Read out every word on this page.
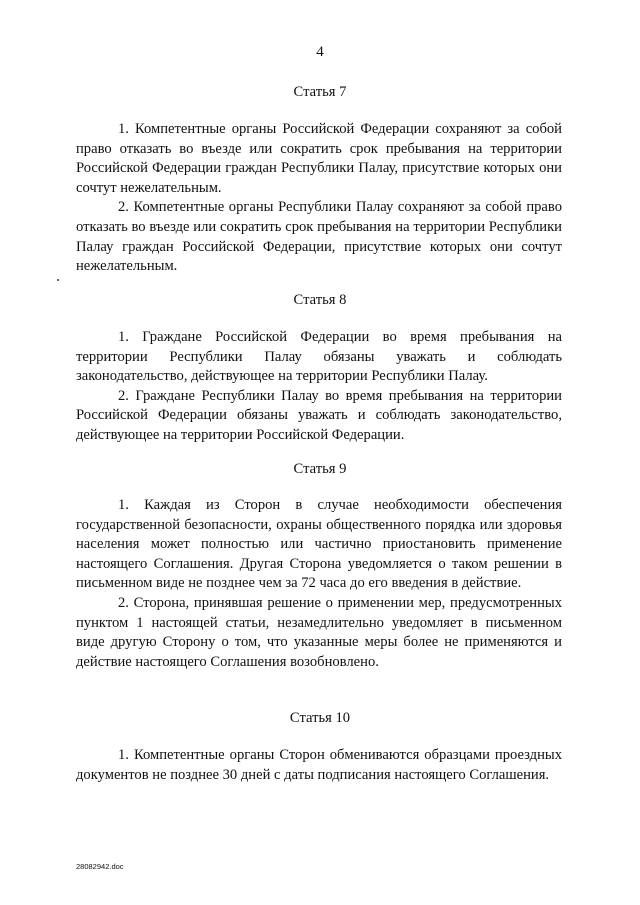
4
Статья 7

1. Компетентные органы Российской Федерации сохраняют за собой право отказать во въезде или сократить срок пребывания на территории Российской Федерации граждан Республики Палау, присутствие которых они сочтут нежелательным.

2. Компетентные органы Республики Палау сохраняют за собой право отказать во въезде или сократить срок пребывания на территории Республики Палау граждан Российской Федерации, присутствие которых они сочтут нежелательным.

Статья 8

1. Граждане Российской Федерации во время пребывания на территории Республики Палау обязаны уважать и соблюдать законодательство, действующее на территории Республики Палау.

2. Граждане Республики Палау во время пребывания на территории Российской Федерации обязаны уважать и соблюдать законодательство, действующее на территории Российской Федерации.

Статья 9

1. Каждая из Сторон в случае необходимости обеспечения государственной безопасности, охраны общественного порядка или здоровья населения может полностью или частично приостановить применение настоящего Соглашения. Другая Сторона уведомляется о таком решении в письменном виде не позднее чем за 72 часа до его введения в действие.

2. Сторона, принявшая решение о применении мер, предусмотренных пунктом 1 настоящей статьи, незамедлительно уведомляет в письменном виде другую Сторону о том, что указанные меры более не применяются и действие настоящего Соглашения возобновлено.

Статья 10

1. Компетентные органы Сторон обмениваются образцами проездных документов не позднее 30 дней с даты подписания настоящего Соглашения.

28082942.doc
